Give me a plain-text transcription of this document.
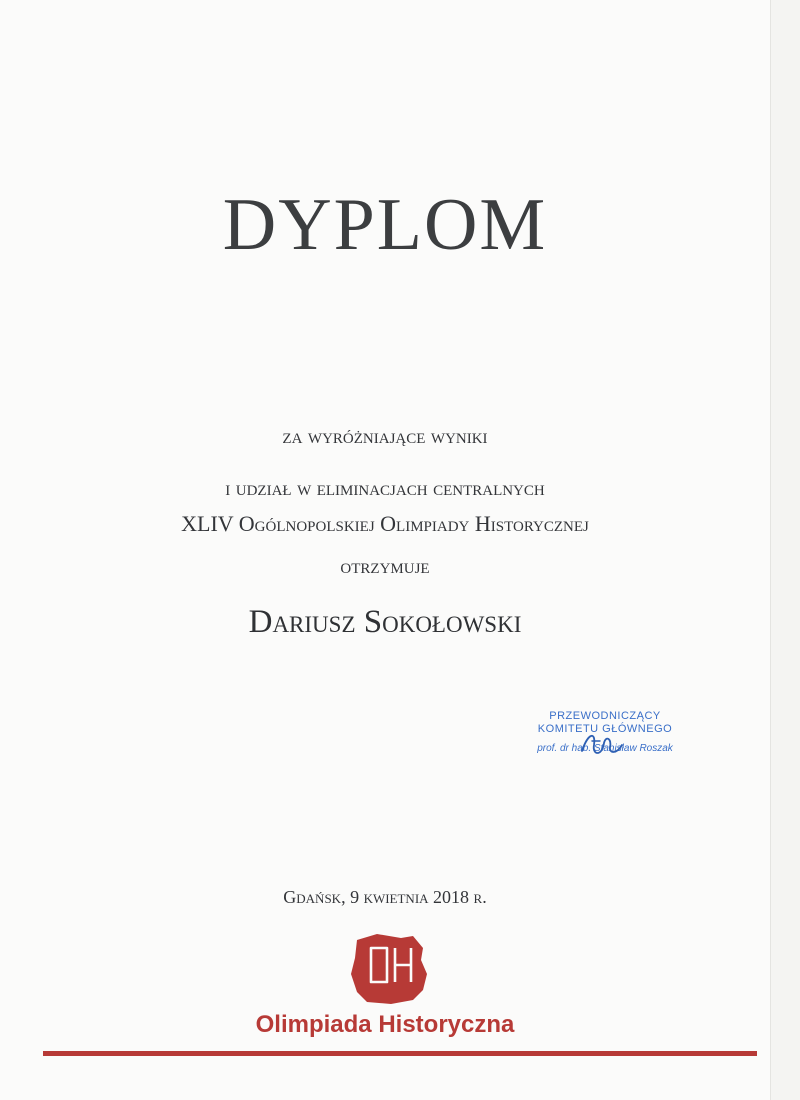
DYPLOM
za wyróżniające wyniki
i udział w eliminacjach centralnych
XLIV Ogólnopolskiej Olimpiady Historycznej
otrzymuje
Dariusz Sokołowski
PRZEWODNICZĄCY
KOMITETU GŁÓWNEGO
prof. dr hab. Stanisław Roszak
Gdańsk, 9 kwietnia 2018 r.
Olimpiada Historyczna
